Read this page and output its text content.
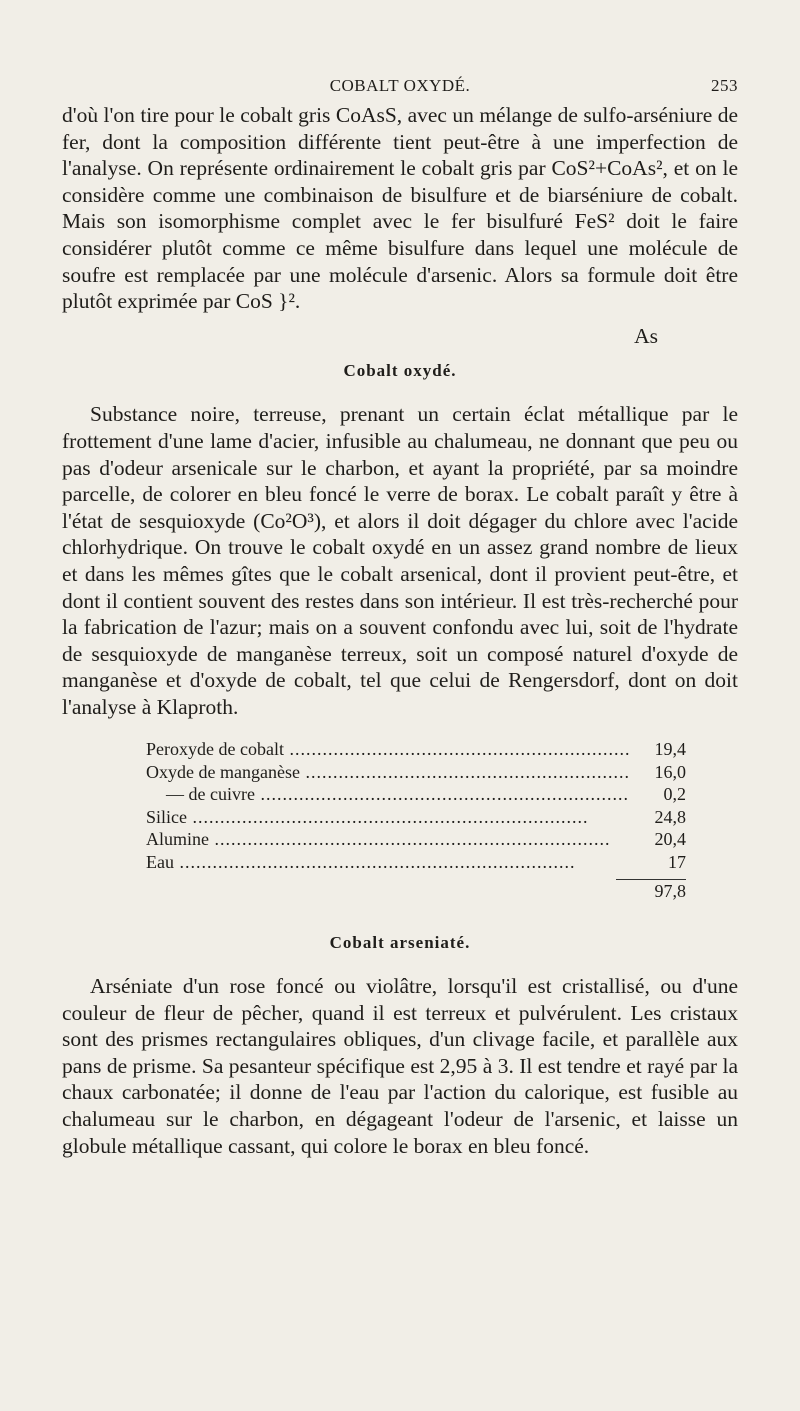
COBALT OXYDÉ.	253

d'où l'on tire pour le cobalt gris CoAsS, avec un mélange de sulfo-arséniure de fer, dont la composition différente tient peut-être à une imperfection de l'analyse. On représente ordinairement le cobalt gris par CoS²+CoAs², et on le considère comme une combinaison de bisulfure et de biarséniure de cobalt. Mais son isomorphisme complet avec le fer bisulfuré FeS² doit le faire considérer plutôt comme ce même bisulfure dans lequel une molécule de soufre est remplacée par une molécule d'arsenic. Alors sa formule doit être plutôt exprimée par CoS }².

As
Cobalt oxydé.

Substance noire, terreuse, prenant un certain éclat métallique par le frottement d'une lame d'acier, infusible au chalumeau, ne donnant que peu ou pas d'odeur arsenicale sur le charbon, et ayant la propriété, par sa moindre parcelle, de colorer en bleu foncé le verre de borax. Le cobalt paraît y être à l'état de sesquioxyde (Co²O³), et alors il doit dégager du chlore avec l'acide chlorhydrique. On trouve le cobalt oxydé en un assez grand nombre de lieux et dans les mêmes gîtes que le cobalt arsenical, dont il provient peut-être, et dont il contient souvent des restes dans son intérieur. Il est très-recherché pour la fabrication de l'azur; mais on a souvent confondu avec lui, soit de l'hydrate de sesquioxyde de manganèse terreux, soit un composé naturel d'oxyde de manganèse et d'oxyde de cobalt, tel que celui de Rengersdorf, dont on doit l'analyse à Klaproth.

Peroxyde de cobalt .....	19,4
Oxyde de manganèse .....	16,0
— de cuivre .....	0,2
Silice .....	24,8
Alumine .....	20,4
Eau .....	17
97,8
Cobalt arseniaté.

Arséniate d'un rose foncé ou violâtre, lorsqu'il est cristallisé, ou d'une couleur de fleur de pêcher, quand il est terreux et pulvérulent. Les cristaux sont des prismes rectangulaires obliques, d'un clivage facile, et parallèle aux pans de prisme. Sa pesanteur spécifique est 2,95 à 3. Il est tendre et rayé par la chaux carbonatée; il donne de l'eau par l'action du calorique, est fusible au chalumeau sur le charbon, en dégageant l'odeur de l'arsenic, et laisse un globule métallique cassant, qui colore le borax en bleu foncé.
